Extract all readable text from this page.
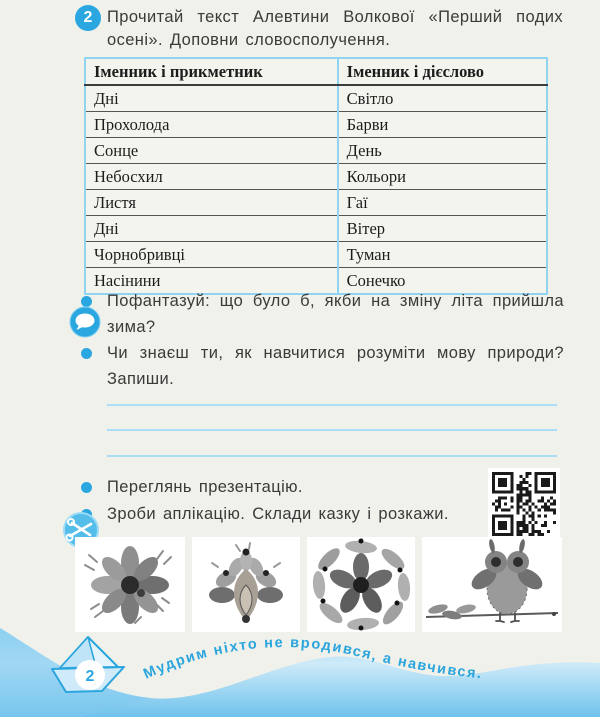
2 Прочитай текст Алевтини Волкової «Перший подих осені». Доповни словосполучення.
Іменник і прикметник	Іменник і дієслово
Дні	Світло
Прохолода	Барви
Сонце	День
Небосхил	Кольори
Листя	Гаї
Дні	Вітер
Чорнобривці	Туман
Насінини	Сонечко
Пофантазуй: що було б, якби на зміну літа прийшла зима?
Чи знаєш ти, як навчитися розуміти мову природи? Запиши.
Переглянь презентацію.
Зроби аплікацію. Склади казку і розкажи.
2	Мудрим ніхто не вродився, а навчився.
